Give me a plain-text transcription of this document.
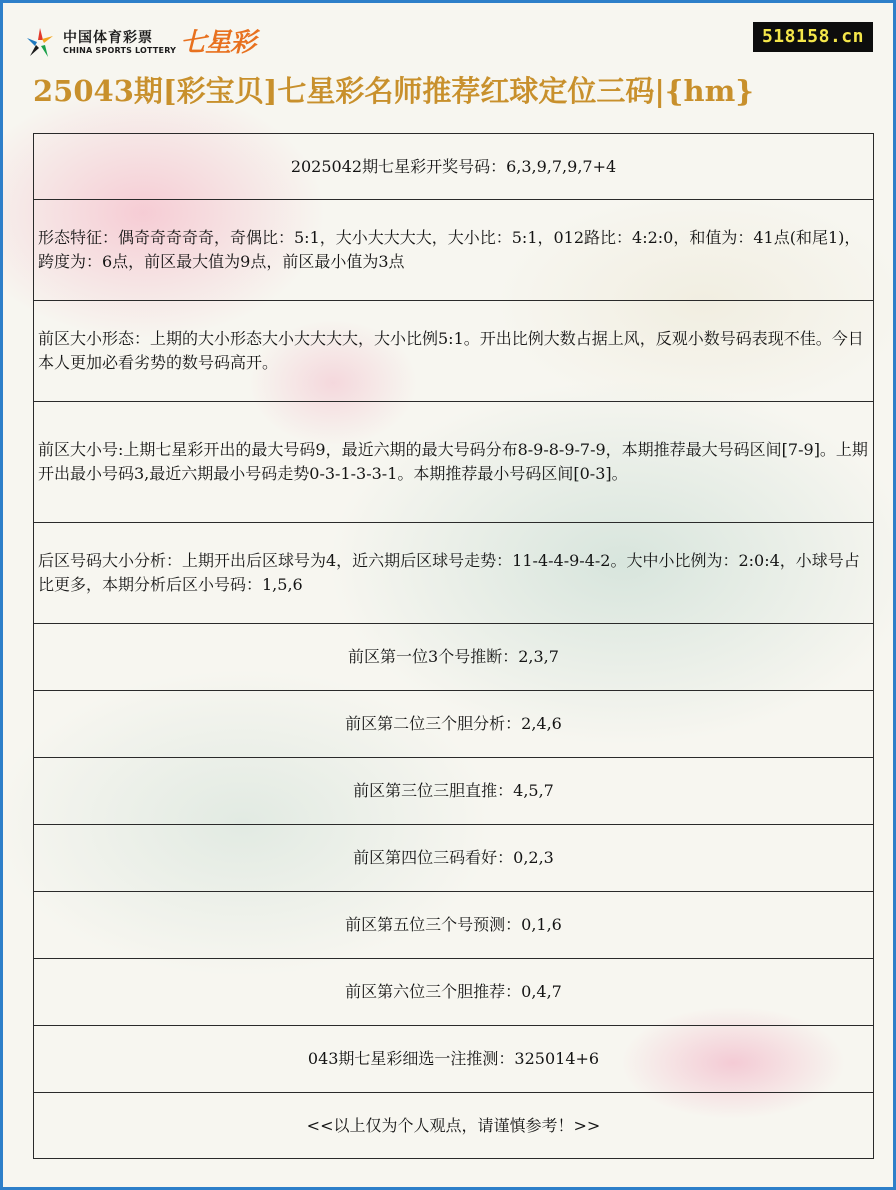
中国体育彩票
CHINA SPORTS LOTTERY 七星彩	518158.cn
25043期[彩宝贝]七星彩名师推荐红球定位三码|{hm}
2025042期七星彩开奖号码：6,3,9,7,9,7+4
形态特征：偶奇奇奇奇奇，奇偶比：5:1，大小大大大大，大小比：5:1，012路比：4:2:0，和值为：41点(和尾1)，跨度为：6点，前区最大值为9点，前区最小值为3点
前区大小形态：上期的大小形态大小大大大大，大小比例5:1。开出比例大数占据上风，反观小数号码表现不佳。今日本人更加必看劣势的数号码高开。
前区大小号:上期七星彩开出的最大号码9，最近六期的最大号码分布8-9-8-9-7-9，本期推荐最大号码区间[7-9]。上期开出最小号码3,最近六期最小号码走势0-3-1-3-3-1。本期推荐最小号码区间[0-3]。
后区号码大小分析：上期开出后区球号为4，近六期后区球号走势：11-4-4-9-4-2。大中小比例为：2:0:4，小球号占比更多，本期分析后区小号码：1,5,6
前区第一位3个号推断：2,3,7
前区第二位三个胆分析：2,4,6
前区第三位三胆直推：4,5,7
前区第四位三码看好：0,2,3
前区第五位三个号预测：0,1,6
前区第六位三个胆推荐：0,4,7
043期七星彩细选一注推测：325014+6
<<以上仅为个人观点，请谨慎参考！>>
